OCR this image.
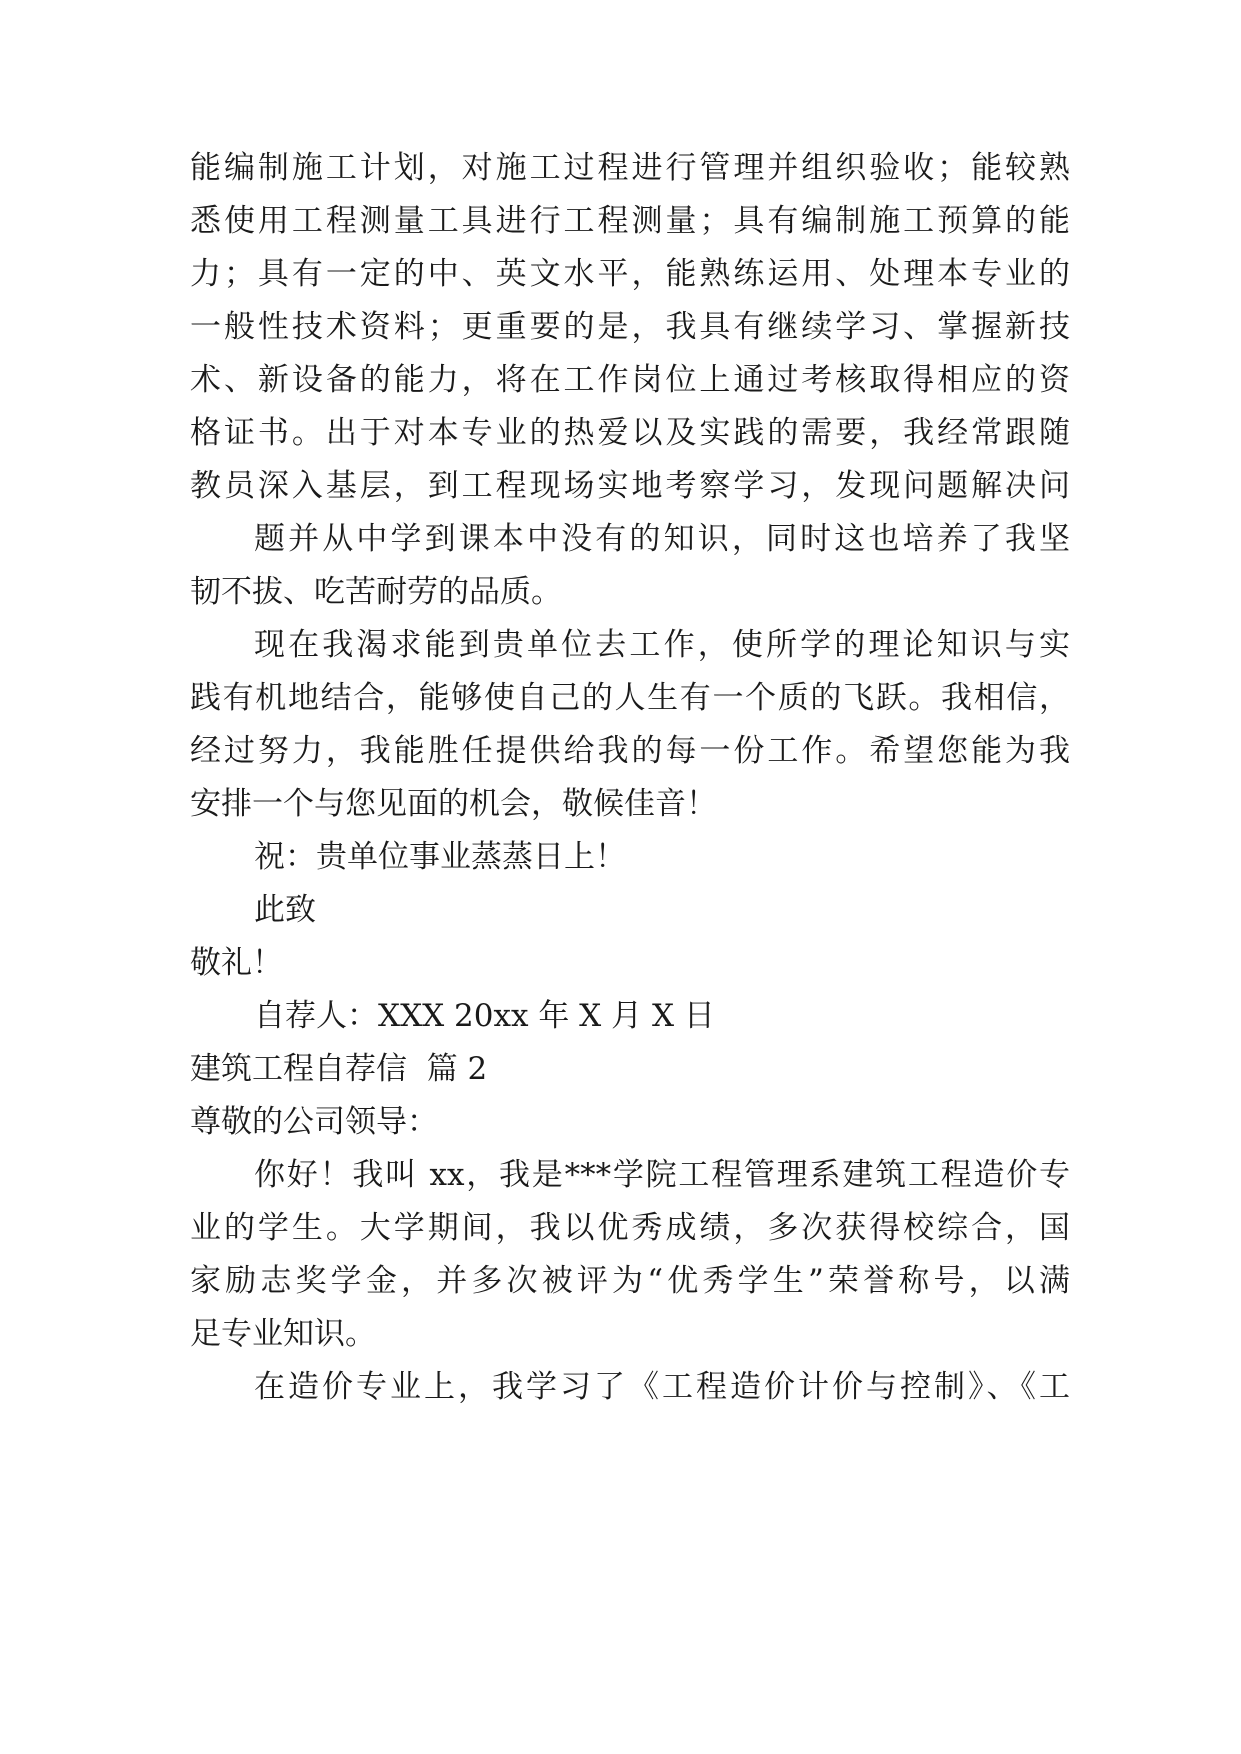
能编制施工计划，对施工过程进行管理并组织验收；能较熟
悉使用工程测量工具进行工程测量；具有编制施工预算的能
力；具有一定的中、英文水平，能熟练运用、处理本专业的
一般性技术资料；更重要的是，我具有继续学习、掌握新技
术、新设备的能力，将在工作岗位上通过考核取得相应的资
格证书。出于对本专业的热爱以及实践的需要，我经常跟随
教员深入基层，到工程现场实地考察学习，发现问题解决问
题并从中学到课本中没有的知识，同时这也培养了我坚
韧不拔、吃苦耐劳的品质。
现在我渴求能到贵单位去工作，使所学的理论知识与实
践有机地结合，能够使自己的人生有一个质的飞跃。我相信，
经过努力，我能胜任提供给我的每一份工作。希望您能为我
安排一个与您见面的机会，敬候佳音！
祝：贵单位事业蒸蒸日上！
此致
敬礼！
自荐人：XXX 20xx 年 X 月 X 日
建筑工程自荐信  篇 2
尊敬的公司领导：
你好！我叫 xx，我是***学院工程管理系建筑工程造价专
业的学生。大学期间，我以优秀成绩，多次获得校综合，国
家励志奖学金，并多次被评为“优秀学生”荣誉称号，以满
足专业知识。
在造价专业上，我学习了《工程造价计价与控制》、《工
